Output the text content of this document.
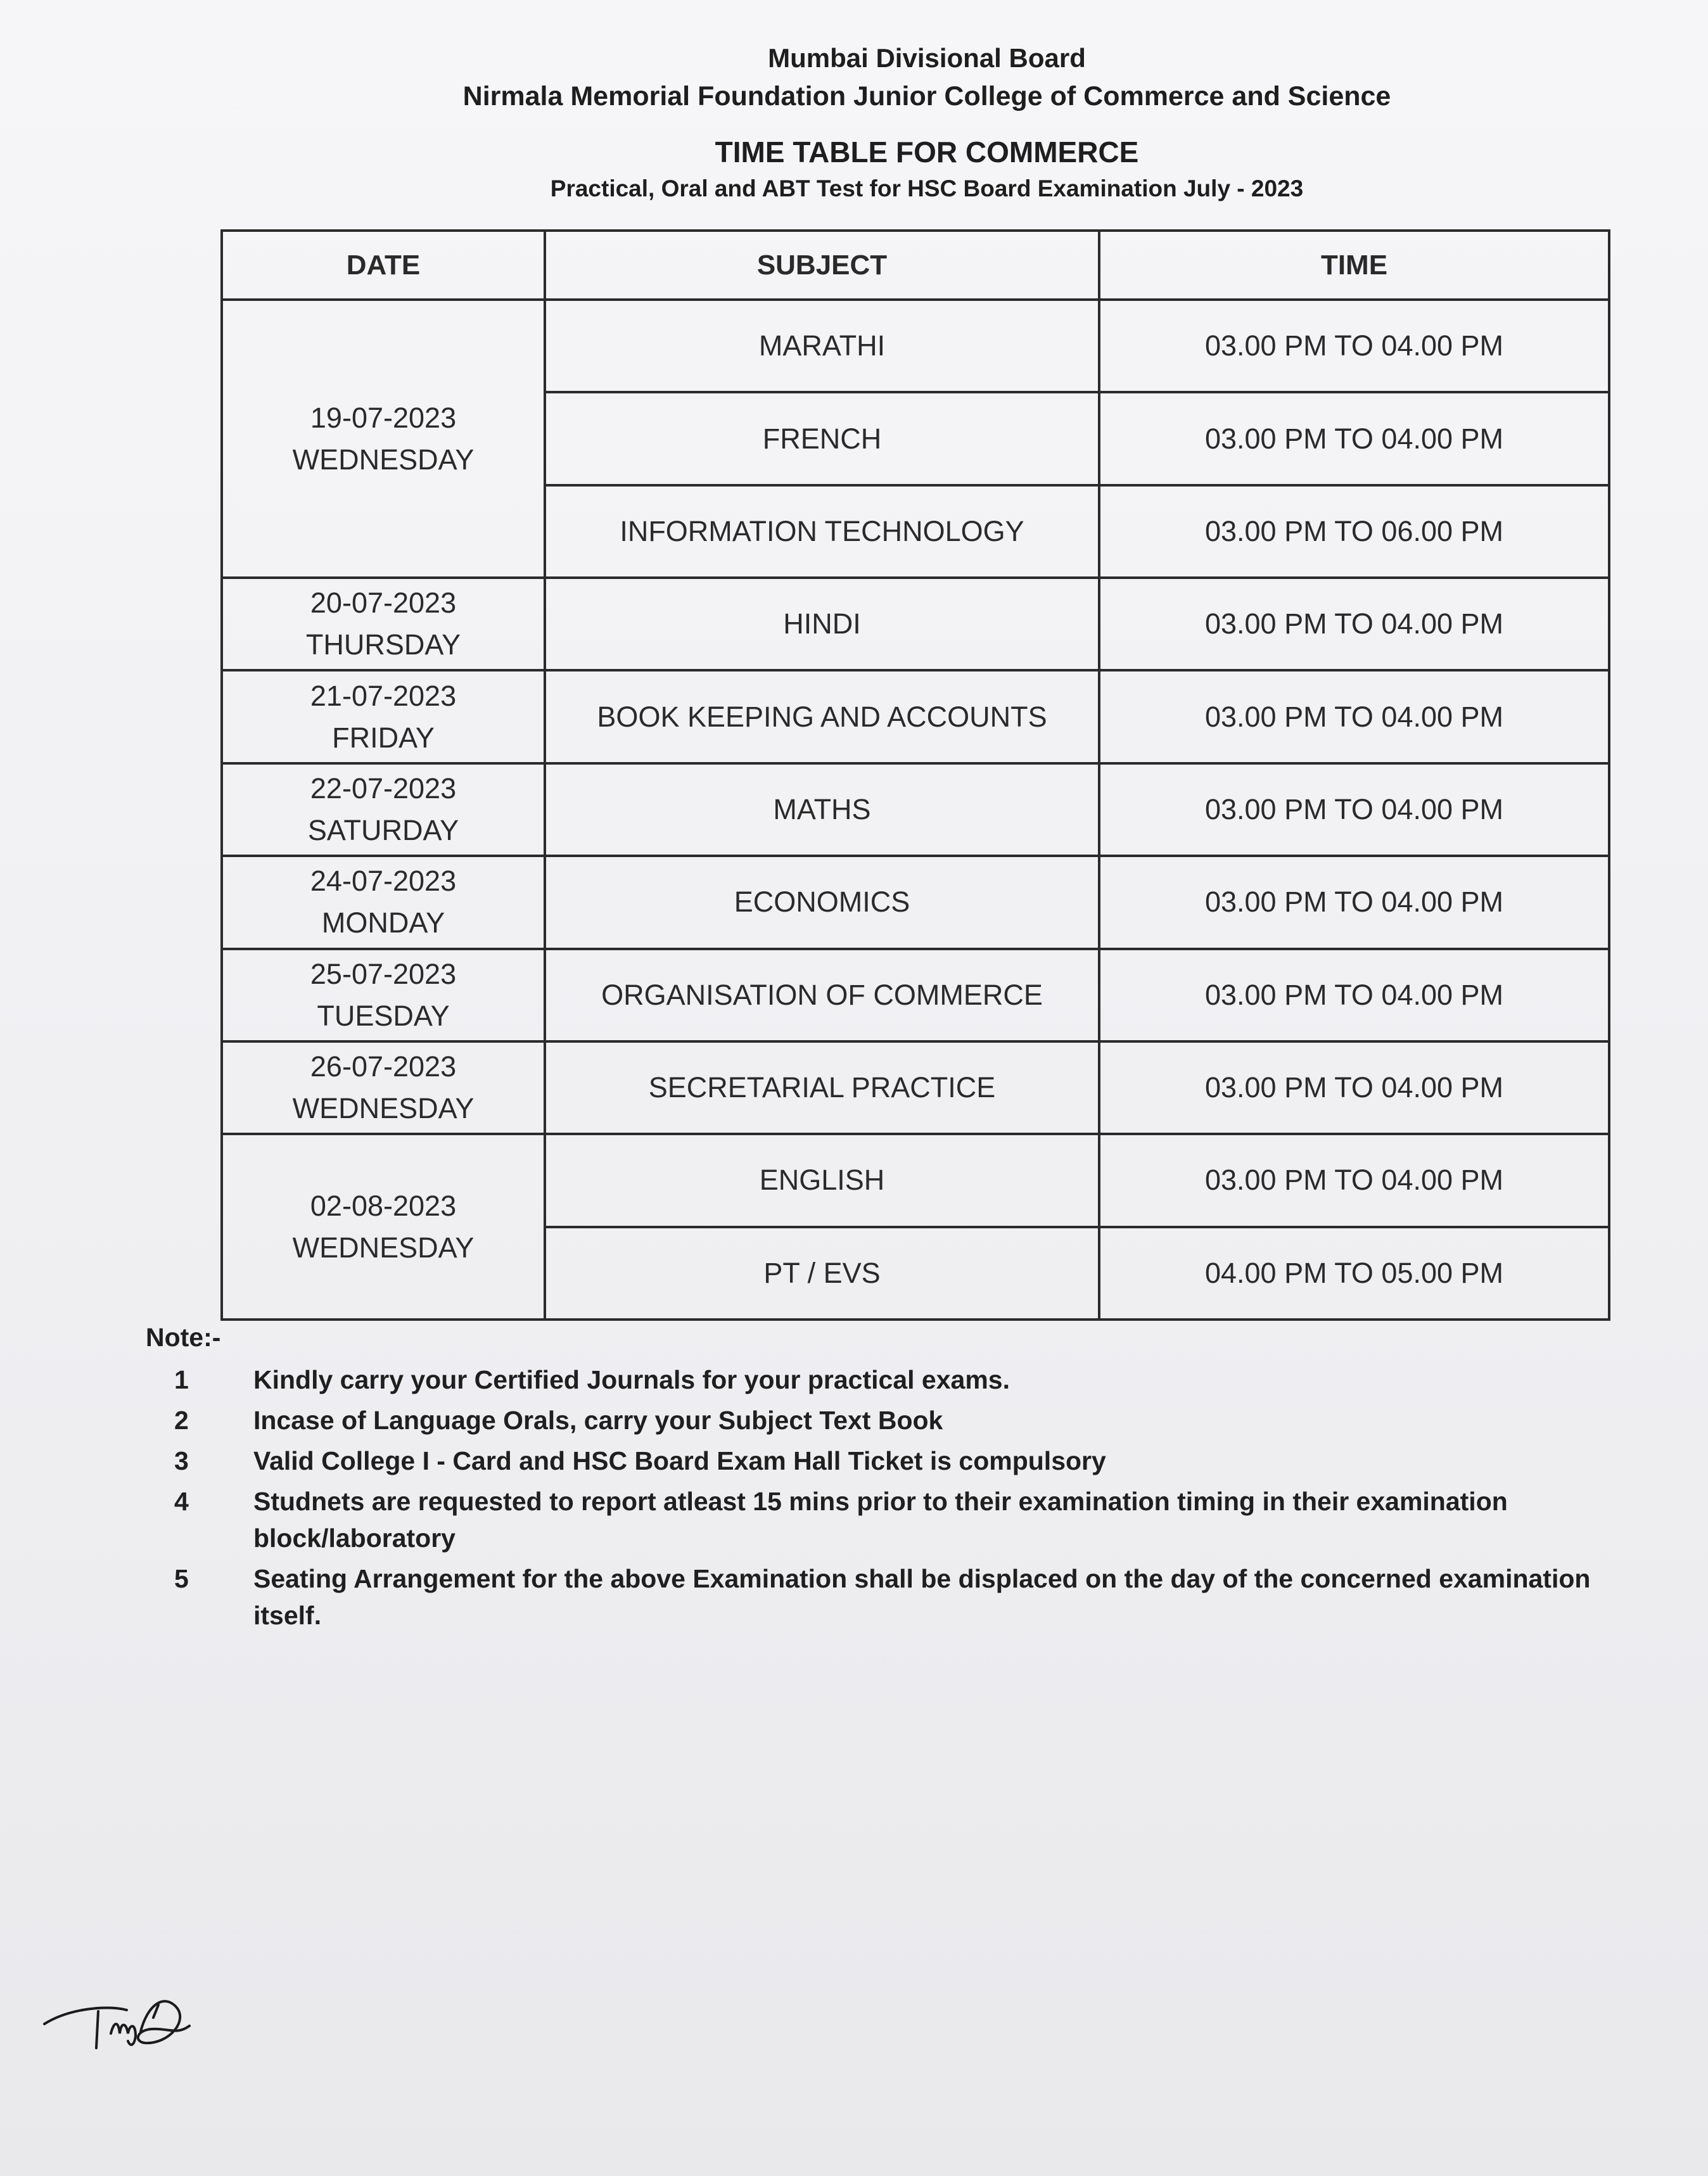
Mumbai Divisional Board
Nirmala Memorial Foundation Junior College of Commerce and Science
TIME TABLE FOR COMMERCE
Practical, Oral and ABT Test for HSC Board Examination July - 2023
DATE	SUBJECT	TIME
19-07-2023
WEDNESDAY	MARATHI	03.00 PM TO 04.00 PM
	FRENCH	03.00 PM TO 04.00 PM
	INFORMATION TECHNOLOGY	03.00 PM TO 06.00 PM
20-07-2023
THURSDAY	HINDI	03.00 PM TO 04.00 PM
21-07-2023
FRIDAY	BOOK KEEPING AND ACCOUNTS	03.00 PM TO 04.00 PM
22-07-2023
SATURDAY	MATHS	03.00 PM TO 04.00 PM
24-07-2023
MONDAY	ECONOMICS	03.00 PM TO 04.00 PM
25-07-2023
TUESDAY	ORGANISATION OF COMMERCE	03.00 PM TO 04.00 PM
26-07-2023
WEDNESDAY	SECRETARIAL PRACTICE	03.00 PM TO 04.00 PM
02-08-2023
WEDNESDAY	ENGLISH	03.00 PM TO 04.00 PM
	PT / EVS	04.00 PM TO 05.00 PM
Note:-
1	Kindly carry your Certified Journals for your practical exams.
2	Incase of Language Orals, carry your Subject Text Book
3	Valid College I - Card and HSC Board Exam Hall Ticket is compulsory
4	Studnets are requested to report atleast 15 mins prior to their examination timing in their examination block/laboratory
5	Seating Arrangement for the above Examination shall be displaced on the day of the concerned examination itself.
